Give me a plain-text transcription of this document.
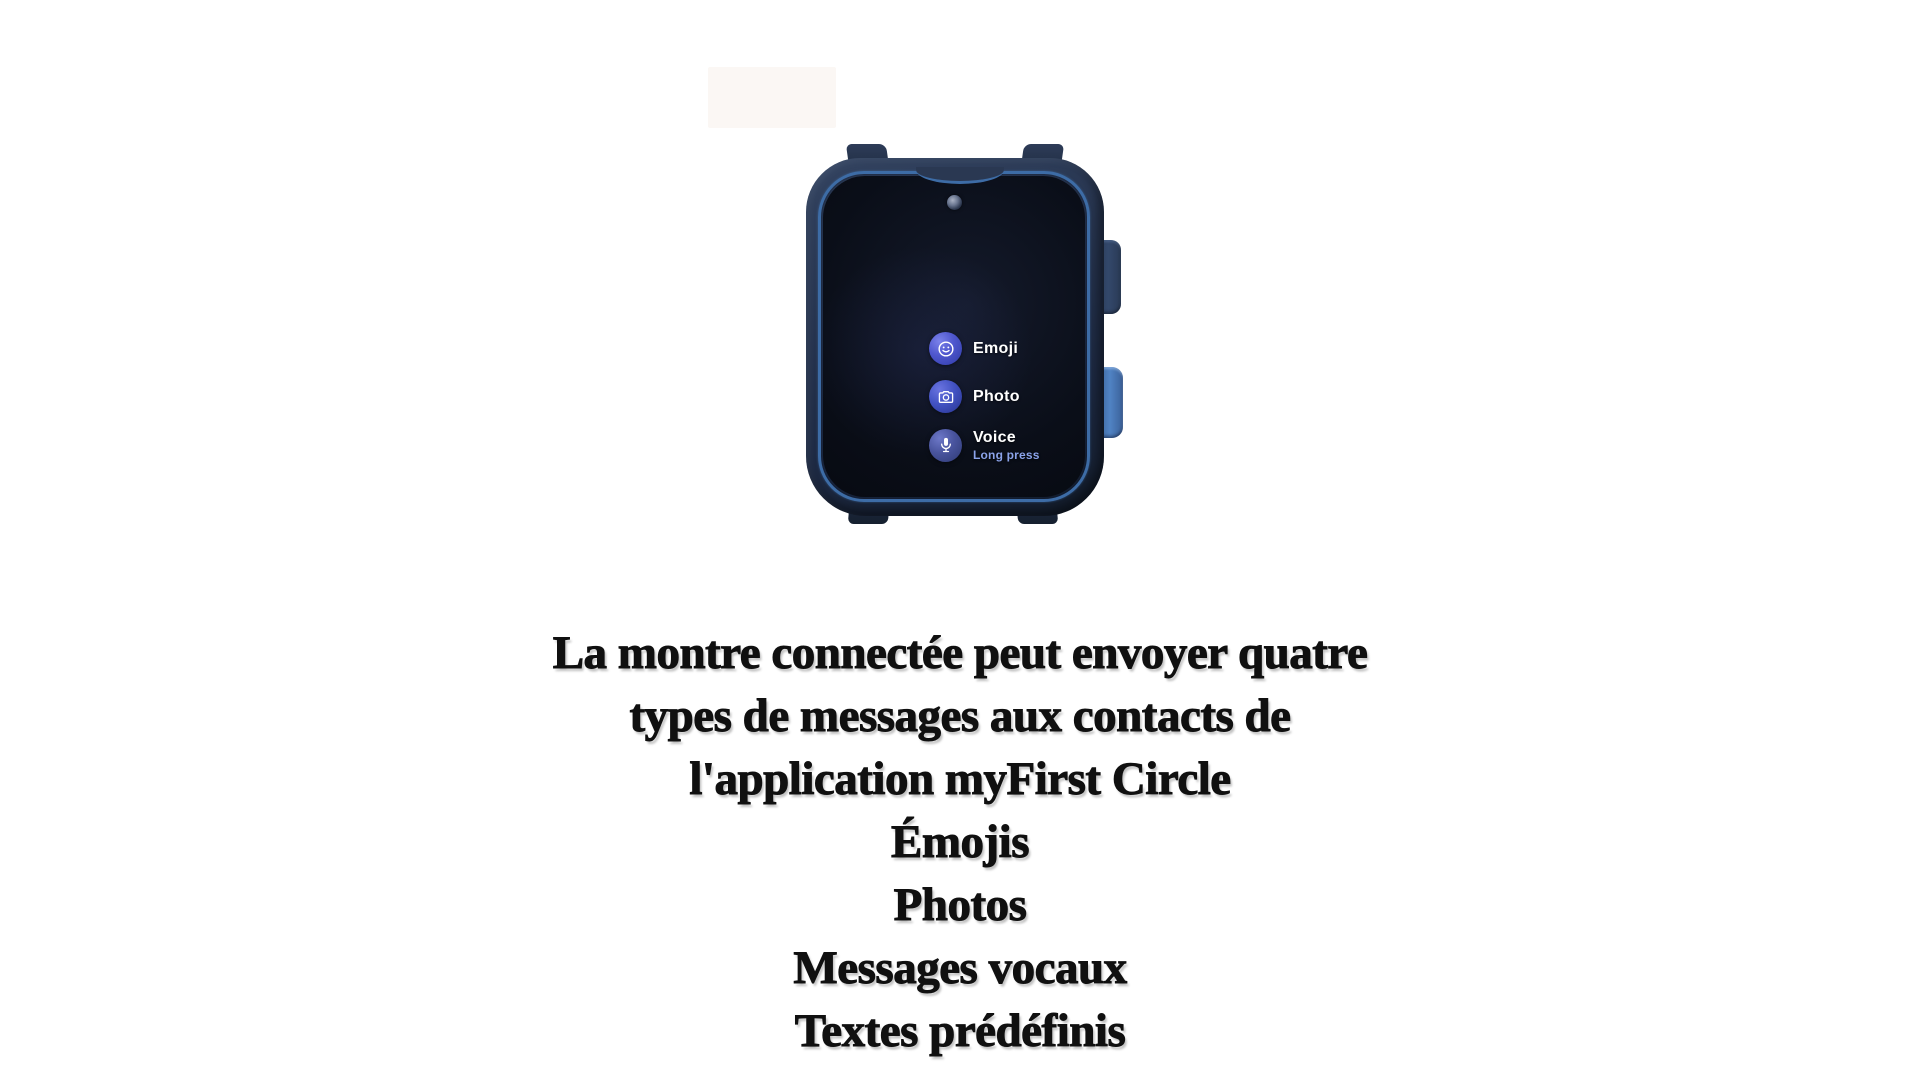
Emoji
Photo
Voice
Long press
La montre connectée peut envoyer quatre
types de messages aux contacts de
l'application myFirst Circle
Émojis
Photos
Messages vocaux
Textes prédéfinis
